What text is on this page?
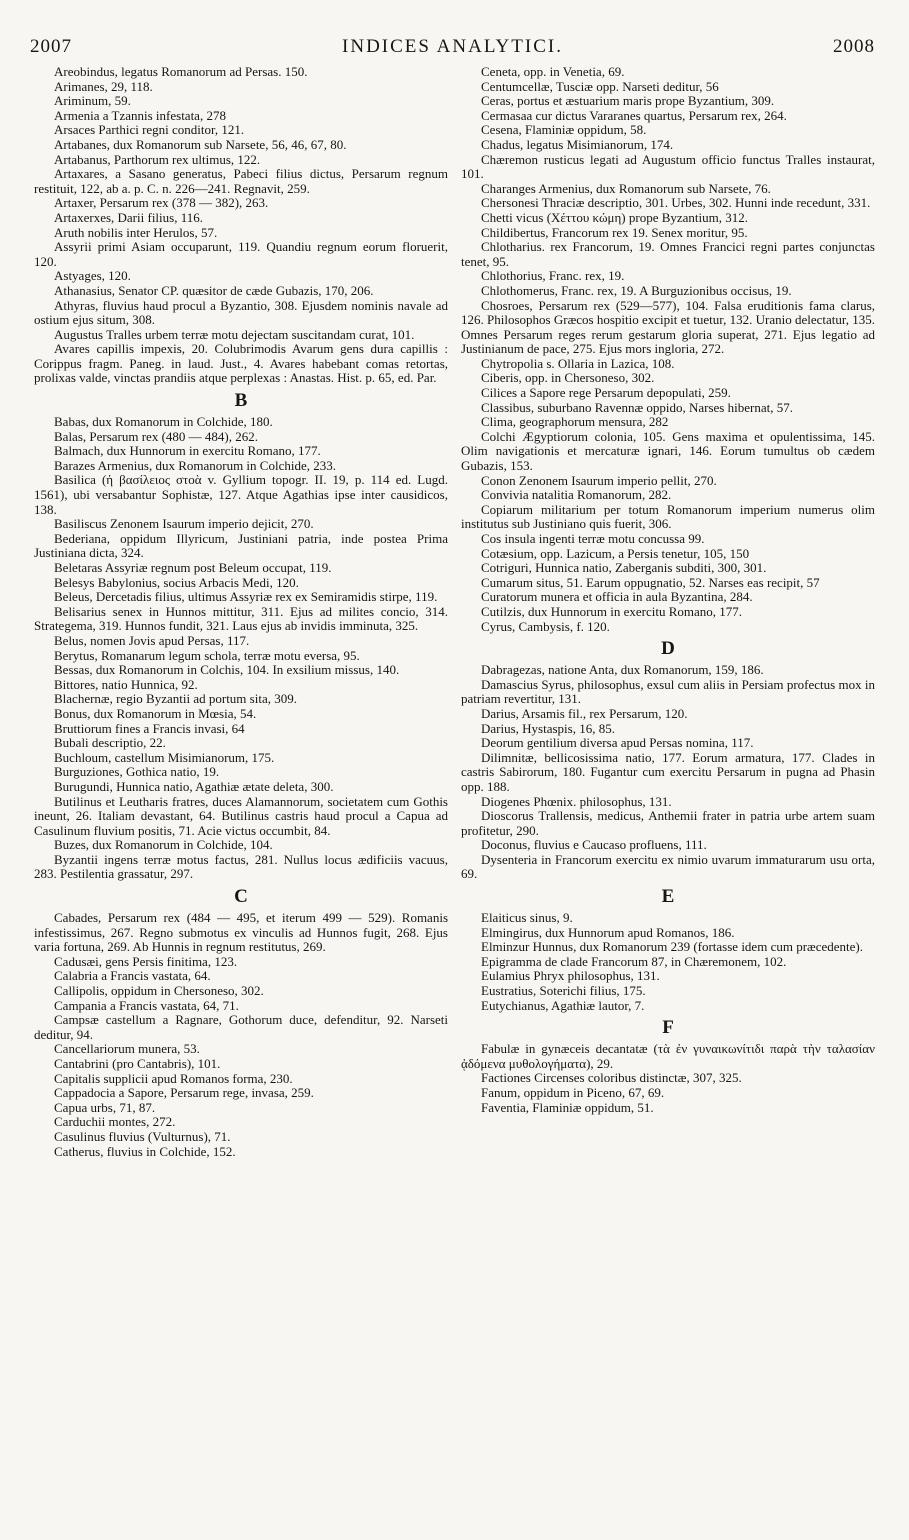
2007	INDICES ANALYTICI.	2008

Areobindus, legatus Romanorum ad Persas. 150.

Arimanes, 29, 118.

Ariminum, 59.

Armenia a Tzannis infestata, 278

Arsaces Parthici regni conditor, 121.

Artabanes, dux Romanorum sub Narsete, 56, 46, 67, 80.

Artabanus, Parthorum rex ultimus, 122.

Artaxares, a Sasano generatus, Pabeci filius dictus, Persarum regnum restituit, 122, ab a. p. C. n. 226—241. Regnavit, 259.

Artaxer, Persarum rex (378 — 382), 263.

Artaxerxes, Darii filius, 116.

Aruth nobilis inter Herulos, 57.

Assyrii primi Asiam occuparunt, 119. Quandiu regnum eorum floruerit, 120.

Astyages, 120.

Athanasius, Senator CP. quæsitor de cæde Gubazis, 170, 206.

Athyras, fluvius haud procul a Byzantio, 308. Ejusdem nominis navale ad ostium ejus situm, 308.

Augustus Tralles urbem terræ motu dejectam suscitandam curat, 101.

Avares capillis impexis, 20. Colubrimodis Avarum gens dura capillis : Corippus fragm. Paneg. in laud. Just., 4. Avares habebant comas retortas, prolixas valde, vinctas prandiis atque perplexas : Anastas. Hist. p. 65, ed. Par.

B

Babas, dux Romanorum in Colchide, 180.

Balas, Persarum rex (480 — 484), 262.

Balmach, dux Hunnorum in exercitu Romano, 177.

Barazes Armenius, dux Romanorum in Colchide, 233.

Basilica (ἡ βασίλειος στοὰ v. Gyllium topogr. II. 19, p. 114 ed. Lugd. 1561), ubi versabantur Sophistæ, 127. Atque Agathias ipse inter causidicos, 138.

Basiliscus Zenonem Isaurum imperio dejicit, 270.

Bederiana, oppidum Illyricum, Justiniani patria, inde postea Prima Justiniana dicta, 324.

Beletaras Assyriæ regnum post Beleum occupat, 119.

Belesys Babylonius, socius Arbacis Medi, 120.

Beleus, Dercetadis filius, ultimus Assyriæ rex ex Semiramidis stirpe, 119.

Belisarius senex in Hunnos mittitur, 311. Ejus ad milites concio, 314. Strategema, 319. Hunnos fundit, 321. Laus ejus ab invidis imminuta, 325.

Belus, nomen Jovis apud Persas, 117.

Berytus, Romanarum legum schola, terræ motu eversa, 95.

Bessas, dux Romanorum in Colchis, 104. In exsilium missus, 140.

Bittores, natio Hunnica, 92.

Blachernæ, regio Byzantii ad portum sita, 309.

Bonus, dux Romanorum in Mœsia, 54.

Bruttiorum fines a Francis invasi, 64

Bubali descriptio, 22.

Buchloum, castellum Misimianorum, 175.

Burguziones, Gothica natio, 19.

Burugundi, Hunnica natio, Agathiæ ætate deleta, 300.

Butilinus et Leutharis fratres, duces Alamannorum, societatem cum Gothis ineunt, 26. Italiam devastant, 64. Butilinus castris haud procul a Capua ad Casulinum fluvium positis, 71. Acie victus occumbit, 84.

Buzes, dux Romanorum in Colchide, 104.

Byzantii ingens terræ motus factus, 281. Nullus locus ædificiis vacuus, 283. Pestilentia grassatur, 297.

C

Cabades, Persarum rex (484 — 495, et iterum 499 — 529). Romanis infestissimus, 267. Regno submotus ex vinculis ad Hunnos fugit, 268. Ejus varia fortuna, 269. Ab Hunnis in regnum restitutus, 269.

Cadusæi, gens Persis finitima, 123.

Calabria a Francis vastata, 64.

Callipolis, oppidum in Chersoneso, 302.

Campania a Francis vastata, 64, 71.

Campsæ castellum a Ragnare, Gothorum duce, defenditur, 92. Narseti deditur, 94.

Cancellariorum munera, 53.

Cantabrini (pro Cantabris), 101.

Capitalis supplicii apud Romanos forma, 230.

Cappadocia a Sapore, Persarum rege, invasa, 259.

Capua urbs, 71, 87.

Carduchii montes, 272.

Casulinus fluvius (Vulturnus), 71.

Catherus, fluvius in Colchide, 152.

Ceneta, opp. in Venetia, 69.

Centumcellæ, Tusciæ opp. Narseti deditur, 56

Ceras, portus et æstuarium maris prope Byzantium, 309.

Cermasaa cur dictus Vararanes quartus, Persarum rex, 264.

Cesena, Flaminiæ oppidum, 58.

Chadus, legatus Misimianorum, 174.

Chæremon rusticus legati ad Augustum officio functus Tralles instaurat, 101.

Charanges Armenius, dux Romanorum sub Narsete, 76.

Chersonesi Thraciæ descriptio, 301. Urbes, 302. Hunni inde recedunt, 331.

Chetti vicus (Χέττου κώμη) prope Byzantium, 312.

Childibertus, Francorum rex 19. Senex moritur, 95.

Chlotharius. rex Francorum, 19. Omnes Francici regni partes conjunctas tenet, 95.

Chlothorius, Franc. rex, 19.

Chlothomerus, Franc. rex, 19. A Burguzionibus occisus, 19.

Chosroes, Persarum rex (529—577), 104. Falsa eruditionis fama clarus, 126. Philosophos Græcos hospitio excipit et tuetur, 132. Uranio delectatur, 135. Omnes Persarum reges rerum gestarum gloria superat, 271. Ejus legatio ad Justinianum de pace, 275. Ejus mors ingloria, 272.

Chytropolia s. Ollaria in Lazica, 108.

Ciberis, opp. in Chersoneso, 302.

Cilices a Sapore rege Persarum depopulati, 259.

Classibus, suburbano Ravennæ oppido, Narses hibernat, 57.

Clima, geographorum mensura, 282

Colchi Ægyptiorum colonia, 105. Gens maxima et opulentissima, 145. Olim navigationis et mercaturæ ignari, 146. Eorum tumultus ob cædem Gubazis, 153.

Conon Zenonem Isaurum imperio pellit, 270.

Convivia natalitia Romanorum, 282.

Copiarum militarium per totum Romanorum imperium numerus olim institutus sub Justiniano quis fuerit, 306.

Cos insula ingenti terræ motu concussa 99.

Cotæsium, opp. Lazicum, a Persis tenetur, 105, 150

Cotriguri, Hunnica natio, Zaberganis subditi, 300, 301.

Cumarum situs, 51. Earum oppugnatio, 52. Narses eas recipit, 57

Curatorum munera et officia in aula Byzantina, 284.

Cutilzis, dux Hunnorum in exercitu Romano, 177.

Cyrus, Cambysis, f. 120.

D

Dabragezas, natione Anta, dux Romanorum, 159, 186.

Damascius Syrus, philosophus, exsul cum aliis in Persiam profectus mox in patriam revertitur, 131.

Darius, Arsamis fil., rex Persarum, 120.

Darius, Hystaspis, 16, 85.

Deorum gentilium diversa apud Persas nomina, 117.

Dilimnitæ, bellicosissima natio, 177. Eorum armatura, 177. Clades in castris Sabirorum, 180. Fugantur cum exercitu Persarum in pugna ad Phasin opp. 188.

Diogenes Phœnix. philosophus, 131.

Dioscorus Trallensis, medicus, Anthemii frater in patria urbe artem suam profitetur, 290.

Doconus, fluvius e Caucaso profluens, 111.

Dysenteria in Francorum exercitu ex nimio uvarum immaturarum usu orta, 69.

E

Elaiticus sinus, 9.

Elmingirus, dux Hunnorum apud Romanos, 186.

Elminzur Hunnus, dux Romanorum 239 (fortasse idem cum præcedente).

Epigramma de clade Francorum 87, in Chæremonem, 102.

Eulamius Phryx philosophus, 131.

Eustratius, Soterichi filius, 175.

Eutychianus, Agathiæ lautor, 7.

F

Fabulæ in gynæceis decantatæ (τὰ ἐν γυναικωνίτιδι παρὰ τὴν ταλασίαν ᾀδόμενα μυθολογήματα), 29.

Factiones Circenses coloribus distinctæ, 307, 325.

Fanum, oppidum in Piceno, 67, 69.

Faventia, Flaminiæ oppidum, 51.
